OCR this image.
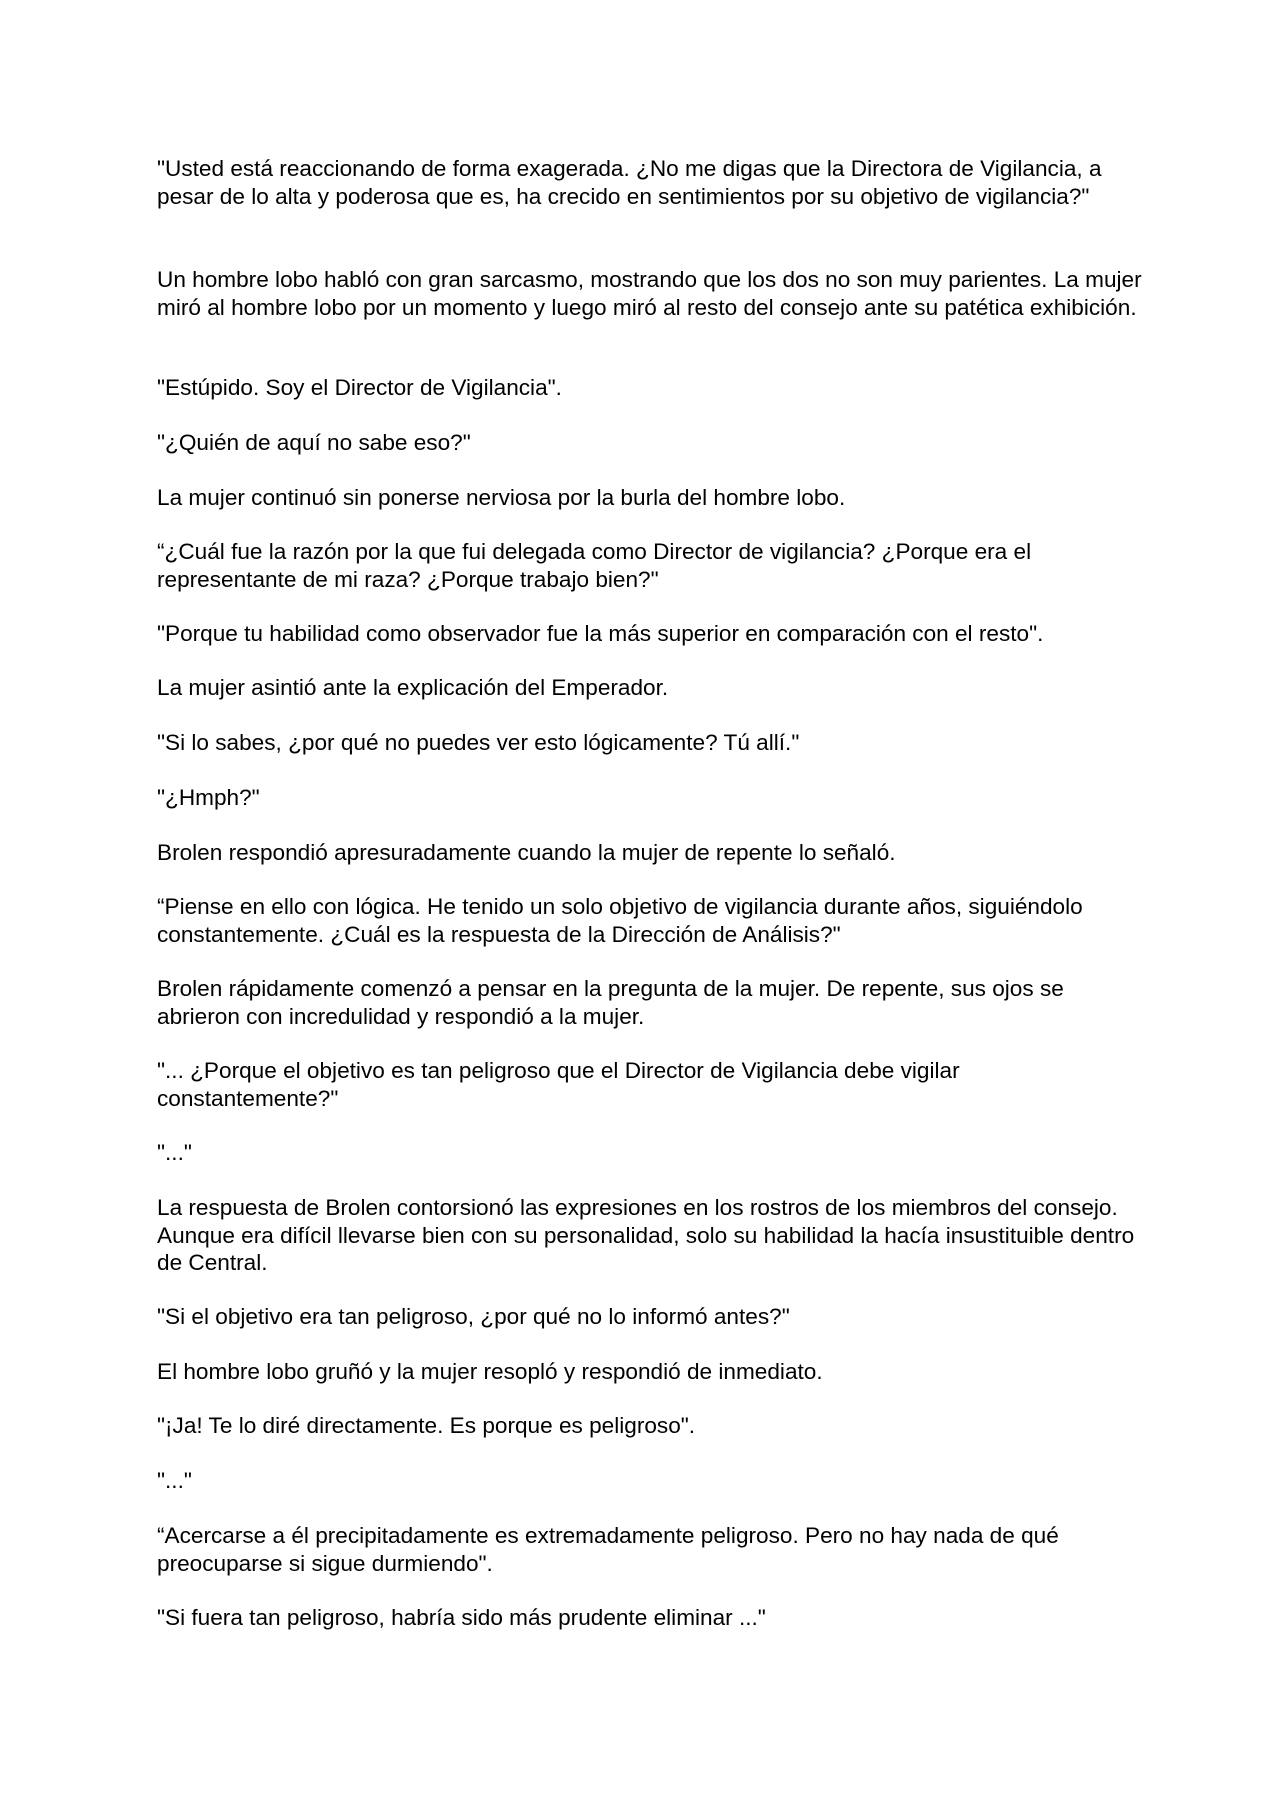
"Usted está reaccionando de forma exagerada. ¿No me digas que la Directora de Vigilancia, a pesar de lo alta y poderosa que es, ha crecido en sentimientos por su objetivo de vigilancia?"

Un hombre lobo habló con gran sarcasmo, mostrando que los dos no son muy parientes. La mujer miró al hombre lobo por un momento y luego miró al resto del consejo ante su patética exhibición.

"Estúpido. Soy el Director de Vigilancia".

"¿Quién de aquí no sabe eso?"

La mujer continuó sin ponerse nerviosa por la burla del hombre lobo.

“¿Cuál fue la razón por la que fui delegada como Director de vigilancia? ¿Porque era el representante de mi raza? ¿Porque trabajo bien?"

"Porque tu habilidad como observador fue la más superior en comparación con el resto".

La mujer asintió ante la explicación del Emperador.

"Si lo sabes, ¿por qué no puedes ver esto lógicamente? Tú allí."

"¿Hmph?"

Brolen respondió apresuradamente cuando la mujer de repente lo señaló.

“Piense en ello con lógica. He tenido un solo objetivo de vigilancia durante años, siguiéndolo constantemente. ¿Cuál es la respuesta de la Dirección de Análisis?"

Brolen rápidamente comenzó a pensar en la pregunta de la mujer. De repente, sus ojos se abrieron con incredulidad y respondió a la mujer.

"... ¿Porque el objetivo es tan peligroso que el Director de Vigilancia debe vigilar constantemente?"

"..."

La respuesta de Brolen contorsionó las expresiones en los rostros de los miembros del consejo. Aunque era difícil llevarse bien con su personalidad, solo su habilidad la hacía insustituible dentro de Central.

"Si el objetivo era tan peligroso, ¿por qué no lo informó antes?"

El hombre lobo gruñó y la mujer resopló y respondió de inmediato.

"¡Ja! Te lo diré directamente. Es porque es peligroso".

"..."

“Acercarse a él precipitadamente es extremadamente peligroso. Pero no hay nada de qué preocuparse si sigue durmiendo".

"Si fuera tan peligroso, habría sido más prudente eliminar ..."
